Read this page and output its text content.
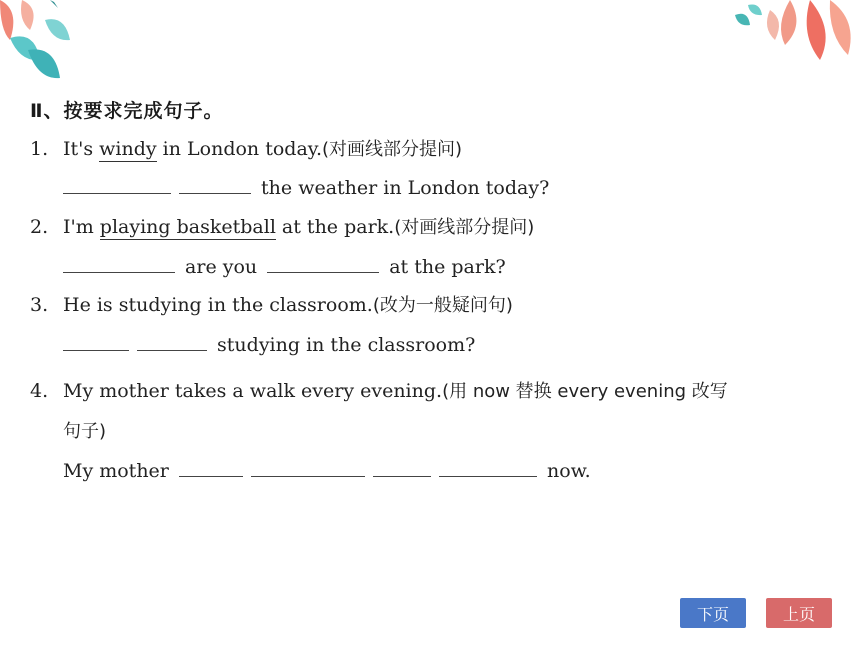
Ⅱ、按要求完成句子。
1. It's windy in London today.(对画线部分提问)
the weather in London today?
2. I'm playing basketball at the park.(对画线部分提问)
are you	at the park?
3. He is studying in the classroom.(改为一般疑问句)
studying in the classroom?
4. My mother takes a walk every evening.(用 now 替换 every evening 改写
句子)
My mother	now.
下页	上页
